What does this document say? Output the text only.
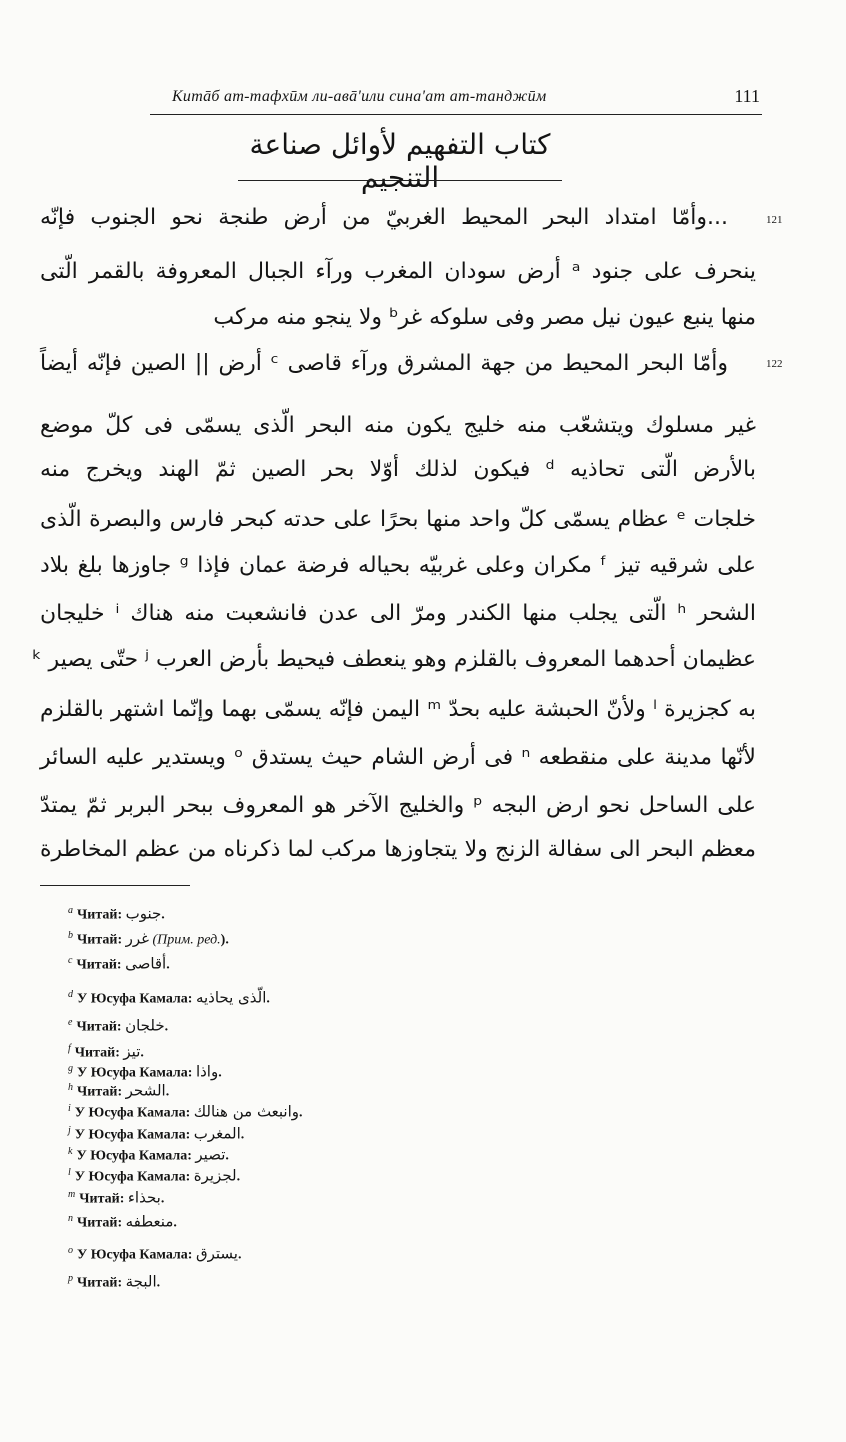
Китāб ат-тафхūм ли-авā'или сина'ат ат-танджūм	111
كتاب التفهيم لأوائل صناعة التنجيم
121
122
...وأمّا امتداد البحر المحيط الغربيّ من أرض طنجة نحو الجنوب فإنّه
ينحرف على جنود ᵃ أرض سودان المغرب ورآء الجبال المعروفة بالقمر الّتى
منها ينبع عيون نيل مصر وفى سلوكه غرᵇ ولا ينجو منه مركب
وأمّا البحر المحيط من جهة المشرق ورآء قاصى ᶜ أرض || الصين فإنّه أيضاً
غير مسلوك ويتشعّب منه خليج يكون منه البحر الّذى يسمّى فى كلّ موضع
بالأرض الّتى تحاذيه ᵈ فيكون لذلك أوّلا بحر الصين ثمّ الهند ويخرج منه
خلجات ᵉ عظام يسمّى كلّ واحد منها بحرًا على حدته كبحر فارس والبصرة الّذى
على شرقيه تيز ᶠ مكران وعلى غربيّه بحياله فرضة عمان فإذا ᵍ جاوزها بلغ بلاد
الشحر ʰ الّتى يجلب منها الكندر ومرّ الى عدن فانشعبت منه هناك ⁱ خليجان
عظيمان أحدهما المعروف بالقلزم وهو ينعطف فيحيط بأرض العرب ʲ حتّى يصير ᵏ
به كجزيرة ˡ ولأنّ الحبشة عليه بحدّ ᵐ اليمن فإنّه يسمّى بهما وإنّما اشتهر بالقلزم
لأنّها مدينة على منقطعه ⁿ فى أرض الشام حيث يستدق ᵒ ويستدير عليه السائر
على الساحل نحو ارض البجه ᵖ والخليج الآخر هو المعروف ببحر البربر ثمّ يمتدّ
معظم البحر الى سفالة الزنج ولا يتجاوزها مركب لما ذكرناه من عظم المخاطرة
$^a$ Читай: جنوب.
$^b$ Читай: غرر (Прим. ред.).
$^c$ Читай: أقاصى.
$^d$ У Юсуфа Камала: الّذى يحاذيه.
$^e$ Читай: خلجان.
$^f$ Читай: تيز.
$^g$ У Юсуфа Камала: واذا.
$^h$ Читай: الشحر.
$^i$ У Юсуфа Камала: وانبعث من هنالك.
$^j$ У Юсуфа Камала: المغرب.
$^k$ У Юсуфа Камала: تصير.
$^l$ У Юсуфа Камала: لجزيرة.
$^m$ Читай: بحذاء.
$^n$ Читай: منعطفه.
$^o$ У Юсуфа Камала: يسترق.
$^p$ Читай: البجة.
